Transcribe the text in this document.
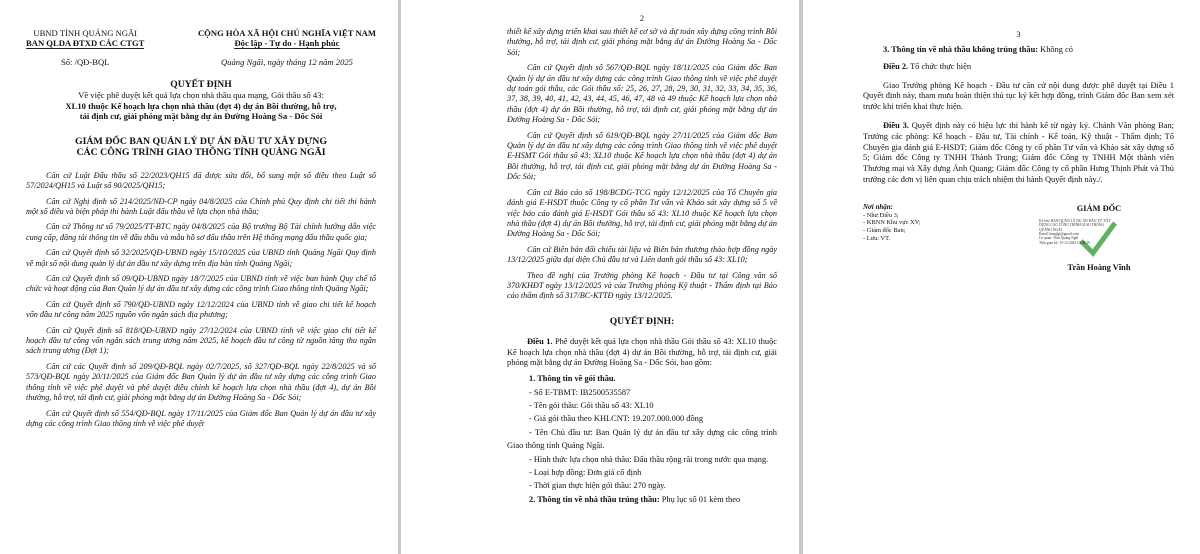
UBND TỈNH QUẢNG NGÃI
BAN QLDA ĐTXD CÁC CTGT
Số: /QĐ-BQL
CỘNG HÒA XÃ HỘI CHỦ NGHĨA VIỆT NAM
Độc lập - Tự do - Hạnh phúc
Quảng Ngãi, ngày tháng 12 năm 2025
QUYẾT ĐỊNH
Về việc phê duyệt kết quả lựa chọn nhà thầu qua mạng, Gói thầu số 43:
XL10 thuộc Kế hoạch lựa chọn nhà thầu (đợt 4) dự án Bồi thường, hỗ trợ,
tái định cư, giải phóng mặt bằng dự án Đường Hoàng Sa - Dốc Sỏi
GIÁM ĐỐC BAN QUẢN LÝ DỰ ÁN ĐẦU TƯ XÂY DỰNG
CÁC CÔNG TRÌNH GIAO THÔNG TỈNH QUẢNG NGÃI

Căn cứ Luật Đấu thầu số 22/2023/QH15 đã được sửa đổi, bổ sung một số điều theo Luật số 57/2024/QH15 và Luật số 90/2025/QH15;

Căn cứ Nghị định số 214/2025/NĐ-CP ngày 04/8/2025 của Chính phủ Quy định chi tiết thi hành một số điều và biện pháp thi hành Luật đấu thầu về lựa chọn nhà thầu;

Căn cứ Thông tư số 79/2025/TT-BTC ngày 04/8/2025 của Bộ trưởng Bộ Tài chính hướng dẫn việc cung cấp, đăng tải thông tin về đấu thầu và mẫu hồ sơ đấu thầu trên Hệ thống mạng đấu thầu quốc gia;

Căn cứ Quyết định số 32/2025/QĐ-UBND ngày 15/10/2025 của UBND tỉnh Quảng Ngãi Quy định về một số nội dung quản lý dự án đầu tư xây dựng trên địa bàn tỉnh Quảng Ngãi;

Căn cứ Quyết định số 09/QĐ-UBND ngày 18/7/2025 của UBND tỉnh về việc ban hành Quy chế tổ chức và hoạt động của Ban Quản lý dự án đầu tư xây dựng các công trình Giao thông tỉnh Quảng Ngãi;

Căn cứ Quyết định số 790/QĐ-UBND ngày 12/12/2024 của UBND tỉnh về giao chi tiết kế hoạch vốn đầu tư công năm 2025 nguồn vốn ngân sách địa phương;

Căn cứ Quyết định số 818/QĐ-UBND ngày 27/12/2024 của UBND tỉnh về việc giao chi tiết kế hoạch đầu tư công vốn ngân sách trung ương năm 2025, kế hoạch đầu tư công từ nguồn tăng thu ngân sách trung ương (Đợt 1);

Căn cứ các Quyết định số 209/QĐ-BQL ngày 02/7/2025, số 327/QĐ-BQL ngày 22/8/2025 và số 573/QĐ-BQL ngày 20/11/2025 của Giám đốc Ban Quản lý dự án đầu tư xây dựng các công trình Giao thông tỉnh về việc phê duyệt và phê duyệt điều chỉnh kế hoạch lựa chọn nhà thầu (đợt 4), dự án Bồi thường, hỗ trợ, tái định cư, giải phóng mặt bằng dự án Đường Hoàng Sa - Dốc Sỏi;

Căn cứ Quyết định số 554/QĐ-BQL ngày 17/11/2025 của Giám đốc Ban Quản lý dự án đầu tư xây dựng các công trình Giao thông tỉnh về việc phê duyệt

2

thiết kế xây dựng triển khai sau thiết kế cơ sở và dự toán xây dựng công trình Bồi thường, hỗ trợ, tái định cư, giải phóng mặt bằng dự án Đường Hoàng Sa - Dốc Sỏi;

Căn cứ Quyết định số 567/QĐ-BQL ngày 18/11/2025 của Giám đốc Ban Quản lý dự án đầu tư xây dựng các công trình Giao thông tỉnh về việc phê duyệt dự toán gói thầu, các Gói thầu số: 25, 26, 27, 28, 29, 30, 31, 32, 33, 34, 35, 36, 37, 38, 39, 40, 41, 42, 43, 44, 45, 46, 47, 48 và 49 thuộc Kế hoạch lựa chọn nhà thầu (đợt 4) dự án Bồi thường, hỗ trợ, tái định cư, giải phóng mặt bằng dự án Đường Hoàng Sa - Dốc Sỏi;

Căn cứ Quyết định số 619/QĐ-BQL ngày 27/11/2025 của Giám đốc Ban Quản lý dự án đầu tư xây dựng các công trình Giao thông tỉnh về việc phê duyệt E-HSMT Gói thầu số 43: XL10 thuộc Kế hoạch lựa chọn nhà thầu (đợt 4) dự án Bồi thường, hỗ trợ, tái định cư, giải phóng mặt bằng dự án Đường Hoàng Sa - Dốc Sỏi;

Căn cứ Báo cáo số 198/BCĐG-TCG ngày 12/12/2025 của Tổ Chuyên gia đánh giá E-HSDT thuộc Công ty cổ phần Tư vấn và Khảo sát xây dựng số 5 về việc báo cáo đánh giá E-HSDT Gói thầu số 43: XL10 thuộc Kế hoạch lựa chọn nhà thầu (đợt 4) dự án Bồi thường, hỗ trợ, tái định cư, giải phóng mặt bằng dự án Đường Hoàng Sa - Dốc Sỏi;

Căn cứ Biên bản đối chiếu tài liệu và Biên bản thương thảo hợp đồng ngày 13/12/2025 giữa đại diện Chủ đầu tư và Liên danh gói thầu số 43: XL10;

Theo đề nghị của Trưởng phòng Kế hoạch - Đầu tư tại Công văn số 370/KHĐT ngày 13/12/2025 và của Trưởng phòng Kỹ thuật - Thẩm định tại Báo cáo thẩm định số 317/BC-KTTĐ ngày 13/12/2025.

QUYẾT ĐỊNH:

Điều 1. Phê duyệt kết quả lựa chọn nhà thầu Gói thầu số 43: XL10 thuộc Kế hoạch lựa chọn nhà thầu (đợt 4) dự án Bồi thường, hỗ trợ, tái định cư, giải phóng mặt bằng dự án Đường Hoàng Sa - Dốc Sỏi, bao gồm:

1. Thông tin về gói thầu.
- Số E-TBMT: IB2500535587
- Tên gói thầu: Gói thầu số 43: XL10
- Giá gói thầu theo KHLCNT: 19.207.000.000 đồng
- Tên Chủ đầu tư: Ban Quản lý dự án đầu tư xây dựng các công trình Giao thông tỉnh Quảng Ngãi.
- Hình thức lựa chọn nhà thầu: Đấu thầu rộng rãi trong nước qua mạng.
- Loại hợp đồng: Đơn giá cố định
- Thời gian thực hiện gói thầu: 270 ngày.
2. Thông tin về nhà thầu trúng thầu: Phụ lục số 01 kèm theo
3

3. Thông tin về nhà thầu không trúng thầu: Không có

Điều 2. Tổ chức thực hiện

Giao Trưởng phòng Kế hoạch - Đầu tư căn cứ nội dung được phê duyệt tại Điều 1 Quyết định này, tham mưu hoàn thiện thủ tục ký kết hợp đồng, trình Giám đốc Ban xem xét trước khi triển khai thực hiện.

Điều 3. Quyết định này có hiệu lực thi hành kể từ ngày ký. Chánh Văn phòng Ban; Trưởng các phòng: Kế hoạch - Đầu tư, Tài chính - Kế toán, Kỹ thuật - Thẩm định; Tổ Chuyên gia đánh giá E-HSDT; Giám đốc Công ty cổ phần Tư vấn và Khảo sát xây dựng số 5; Giám đốc Công ty TNHH Thành Trung; Giám đốc Công ty TNHH Một thành viên Thương mại và Xây dựng Ánh Quang; Giám đốc Công ty cổ phần Hưng Thịnh Phát và Thủ trưởng các đơn vị liên quan chịu trách nhiệm thi hành Quyết định này./.

Nơi nhận:
- Như Điều 3;
- KBNN Khu vực XV;
- Giám đốc Ban;
- Lưu: VT.
GIÁM ĐỐC
Ký bởi: BAN QUẢN LÝ DỰ ÁN ĐẦU TƯ XÂY
DỰNG CÁC CÔNG TRÌNH GIAO THÔNG
QUẢNG NGÃI
Email: banqlgt@gmail.com
Cơ quan: Tỉnh Quảng Ngãi
Thời gian ký: 15-12-2025 14:08:29
Trần Hoàng Vĩnh
